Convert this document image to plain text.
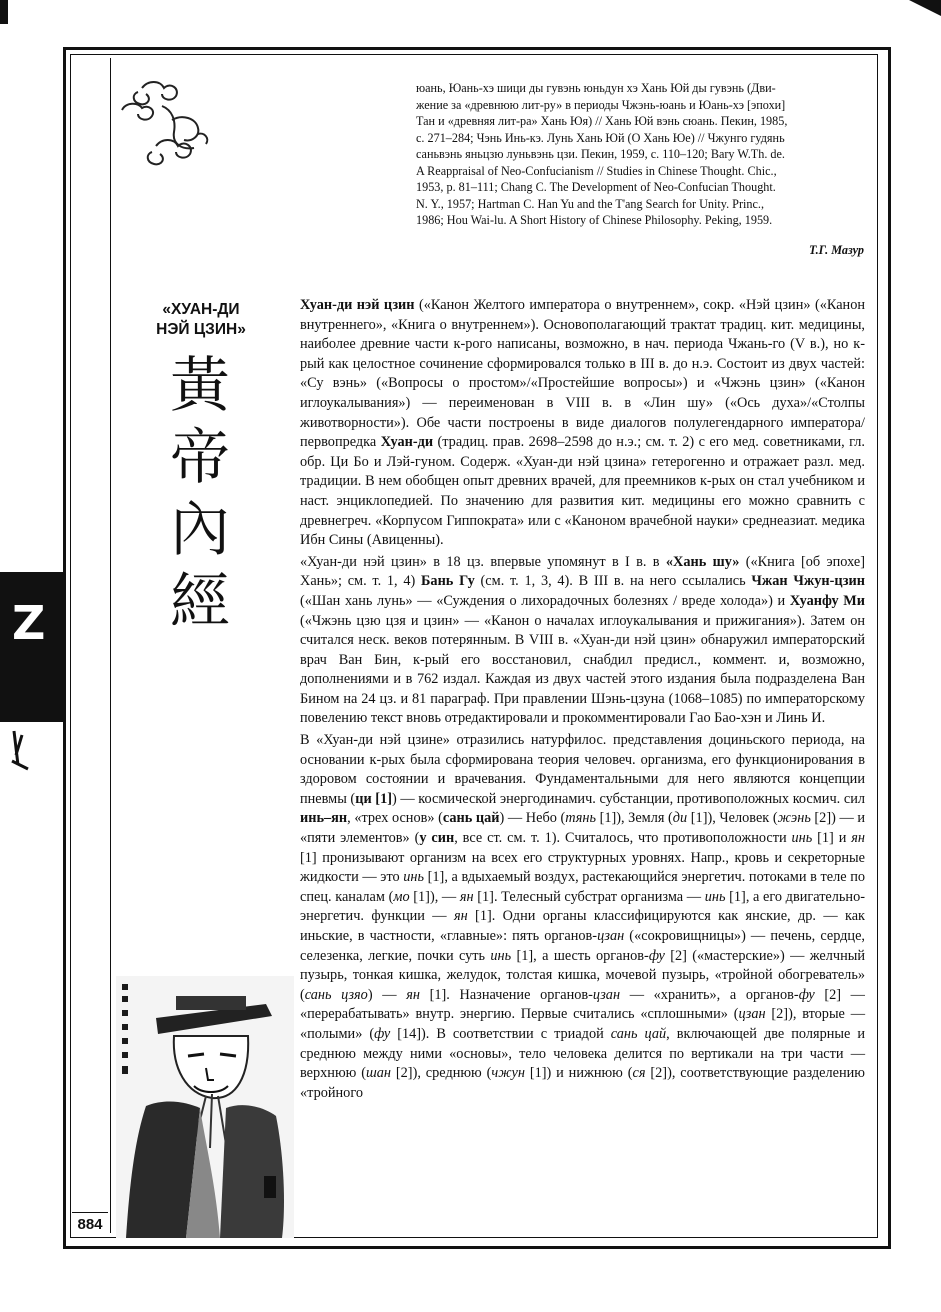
Z

юань, Юань-хэ шици ды гувэнь юньдун хэ Хань Юй ды гувэнь (Дви-

жение за «древнюю лит-ру» в периоды Чжэнь-юань и Юань-хэ [эпохи]

Тан и «древняя лит-ра» Хань Юя) // Хань Юй вэнь сюань. Пекин, 1985,

с. 271–284; Чэнь Инь-кэ. Лунь Хань Юй (О Хань Юе) // Чжунго гудянь

саньвэнь яньцзю луньвэнь цзи. Пекин, 1959, с. 110–120; Bary W.Th. de.

A Reappraisal of Neo-Confucianism // Studies in Chinese Thought. Chic.,

1953, p. 81–111; Chang C. The Development of Neo-Confucian Thought.

N. Y., 1957; Hartman C. Han Yu and the T'ang Search for Unity. Princ.,

1986; Hou Wai-lu. A Short History of Chinese Philosophy. Peking, 1959.

Т.Г. Мазур
«ХУАН-ДИ
НЭЙ ЦЗИН»
黃
帝
內
經
884

Хуан-ди нэй цзин («Канон Желтого императора о внутреннем», сокр. «Нэй цзин» («Канон внутреннего», «Книга о внутреннем»). Основополагающий трактат традиц. кит. медицины, наиболее древние части к-рого написаны, возможно, в нач. периода Чжань-го (V в.), но к-рый как целостное сочинение сформировался только в III в. до н.э. Состоит из двух частей: «Су вэнь» («Вопросы о простом»/«Простейшие вопросы») и «Чжэнь цзин» («Канон иглоукалывания») — переименован в VIII в. в «Лин шу» («Ось духа»/«Столпы животворности»). Обе части построены в виде диалогов полулегендарного императора/первопредка Хуан-ди (традиц. прав. 2698–2598 до н.э.; см. т. 2) с его мед. советниками, гл. обр. Ци Бо и Лэй-гуном. Содерж. «Хуан-ди нэй цзина» гетерогенно и отражает разл. мед. традиции. В нем обобщен опыт древних врачей, для преемников к-рых он стал учебником и наст. энциклопедией. По значению для развития кит. медицины его можно сравнить с древнегреч. «Корпусом Гиппократа» или с «Каноном врачебной науки» среднеазиат. медика Ибн Сины (Авиценны).

«Хуан-ди нэй цзин» в 18 цз. впервые упомянут в I в. в «Хань шу» («Книга [об эпохе] Хань»; см. т. 1, 4) Бань Гу (см. т. 1, 3, 4). В III в. на него ссылались Чжан Чжун-цзин («Шан хань лунь» — «Суждения о лихорадочных болезнях / вреде холода») и Хуанфу Ми («Чжэнь цзю цзя и цзин» — «Канон о началах иглоукалывания и прижигания»). Затем он считался неск. веков потерянным. В VIII в. «Хуан-ди нэй цзин» обнаружил императорский врач Ван Бин, к-рый его восстановил, снабдил предисл., коммент. и, возможно, дополнениями и в 762 издал. Каждая из двух частей этого издания была подразделена Ван Бином на 24 цз. и 81 параграф. При правлении Шэнь-цзуна (1068–1085) по императорскому повелению текст вновь отредактировали и прокомментировали Гао Бао-хэн и Линь И.

В «Хуан-ди нэй цзине» отразились натурфилос. представления доциньского периода, на основании к-рых была сформирована теория человеч. организма, его функционирования в здоровом состоянии и врачевания. Фундаментальными для него являются концепции пневмы (ци [1]) — космической энергодинамич. субстанции, противоположных космич. сил инь–ян, «трех основ» (сань цай) — Небо (тянь [1]), Земля (ди [1]), Человек (жэнь [2]) — и «пяти элементов» (у син, все ст. см. т. 1). Считалось, что противоположности инь [1] и ян [1] пронизывают организм на всех его структурных уровнях. Напр., кровь и секреторные жидкости — это инь [1], а вдыхаемый воздух, растекающийся энергетич. потоками в теле по спец. каналам (мо [1]), — ян [1]. Телесный субстрат организма — инь [1], а его двигательно-энергетич. функции — ян [1]. Одни органы классифицируются как янские, др. — как иньские, в частности, «главные»: пять органов-цзан («сокровищницы») — печень, сердце, селезенка, легкие, почки суть инь [1], а шесть органов-фу [2] («мастерские») — желчный пузырь, тонкая кишка, желудок, толстая кишка, мочевой пузырь, «тройной обогреватель» (сань цзяо) — ян [1]. Назначение органов-цзан — «хранить», а органов-фу [2] — «перерабатывать» внутр. энергию. Первые считались «сплошными» (цзан [2]), вторые — «полыми» (фу [14]). В соответствии с триадой сань цай, включающей две полярные и среднюю между ними «основы», тело человека делится по вертикали на три части — верхнюю (шан [2]), среднюю (чжун [1]) и нижнюю (ся [2]), соответствующие разделению «тройного
